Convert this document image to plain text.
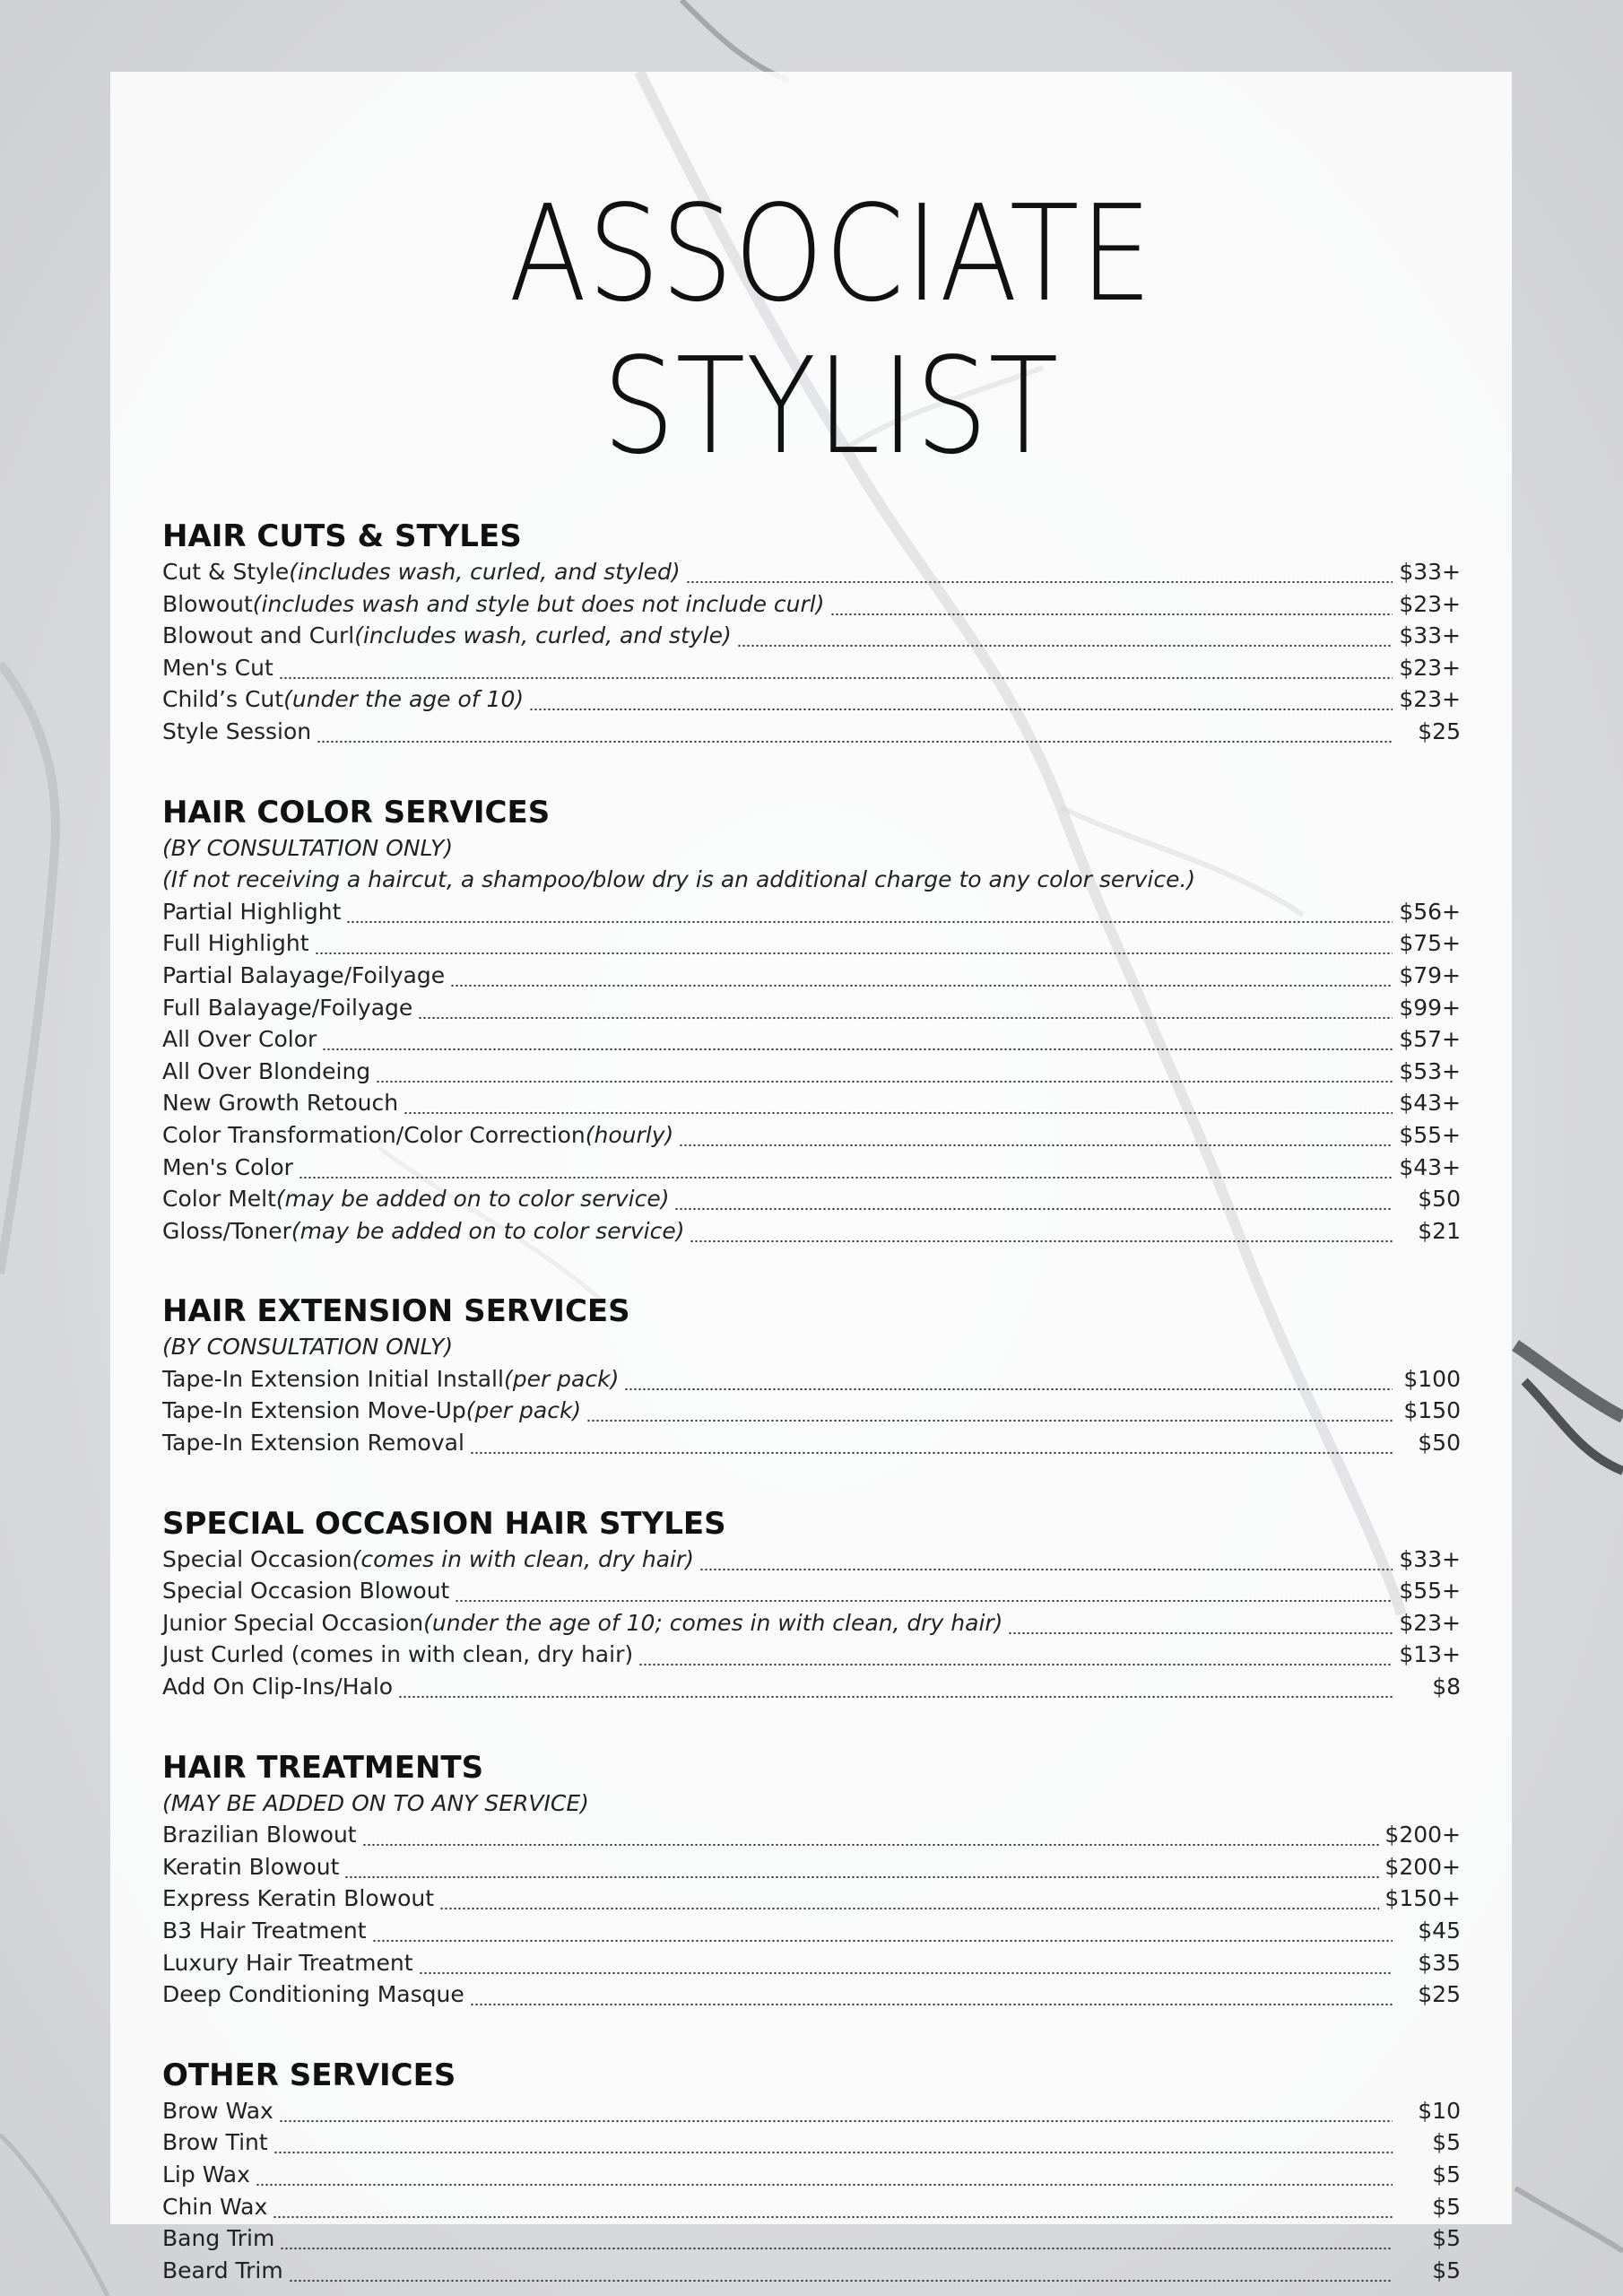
ASSOCIATE STYLIST
HAIR CUTS & STYLES
Cut & Style (includes wash, curled, and styled)	$33+
Blowout (includes wash and style but does not include curl)	$23+
Blowout and Curl (includes wash, curled, and style)	$33+
Men's Cut	$23+
Child’s Cut (under the age of 10)	$23+
Style Session	$25
HAIR COLOR SERVICES

(BY CONSULTATION ONLY)

(If not receiving a haircut, a shampoo/blow dry is an additional charge to any color service.)

Partial Highlight	$56+
Full Highlight	$75+
Partial Balayage/Foilyage	$79+
Full Balayage/Foilyage	$99+
All Over Color	$57+
All Over Blondeing	$53+
New Growth Retouch	$43+
Color Transformation/Color Correction (hourly)	$55+
Men's Color	$43+
Color Melt (may be added on to color service)	$50
Gloss/Toner (may be added on to color service)	$21
HAIR EXTENSION SERVICES

(BY CONSULTATION ONLY)

Tape-In Extension Initial Install (per pack)	$100
Tape-In Extension Move-Up (per pack)	$150
Tape-In Extension Removal	$50
SPECIAL OCCASION HAIR STYLES
Special Occasion (comes in with clean, dry hair)	$33+
Special Occasion Blowout	$55+
Junior Special Occasion (under the age of 10; comes in with clean, dry hair)	$23+
Just Curled (comes in with clean, dry hair)	$13+
Add On Clip-Ins/Halo	$8
HAIR TREATMENTS

(MAY BE ADDED ON TO ANY SERVICE)

Brazilian Blowout	$200+
Keratin Blowout	$200+
Express Keratin Blowout	$150+
B3 Hair Treatment	$45
Luxury Hair Treatment	$35
Deep Conditioning Masque	$25
OTHER SERVICES
Brow Wax	$10
Brow Tint	$5
Lip Wax	$5
Chin Wax	$5
Bang Trim	$5
Beard Trim	$5
